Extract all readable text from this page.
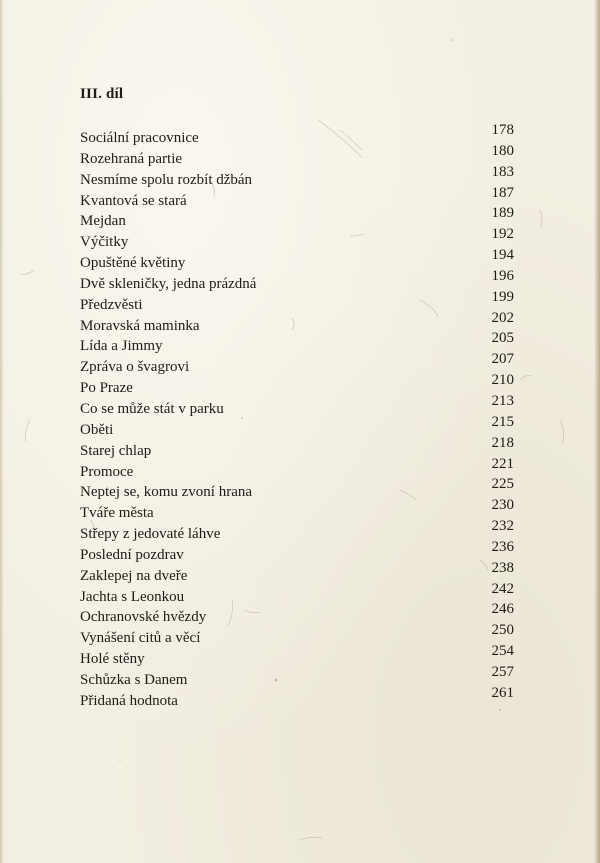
III. díl
Sociální pracovnice	178
Rozehraná partie	180
Nesmíme spolu rozbít džbán	183
Kvantová se stará	187
Mejdan	189
Výčitky	192
Opuštěné květiny	194
Dvě skleničky, jedna prázdná	196
Předzvěsti	199
Moravská maminka	202
Lída a Jimmy	205
Zpráva o švagrovi	207
Po Praze	210
Co se může stát v parku	213
Oběti	215
Starej chlap	218
Promoce	221
Neptej se, komu zvoní hrana	225
Tváře města	230
Střepy z jedovaté láhve	232
Poslední pozdrav	236
Zaklepej na dveře	238
Jachta s Leonkou	242
Ochranovské hvězdy	246
Vynášení citů a věcí	250
Holé stěny	254
Schůzka s Danem	257
Přidaná hodnota	261
